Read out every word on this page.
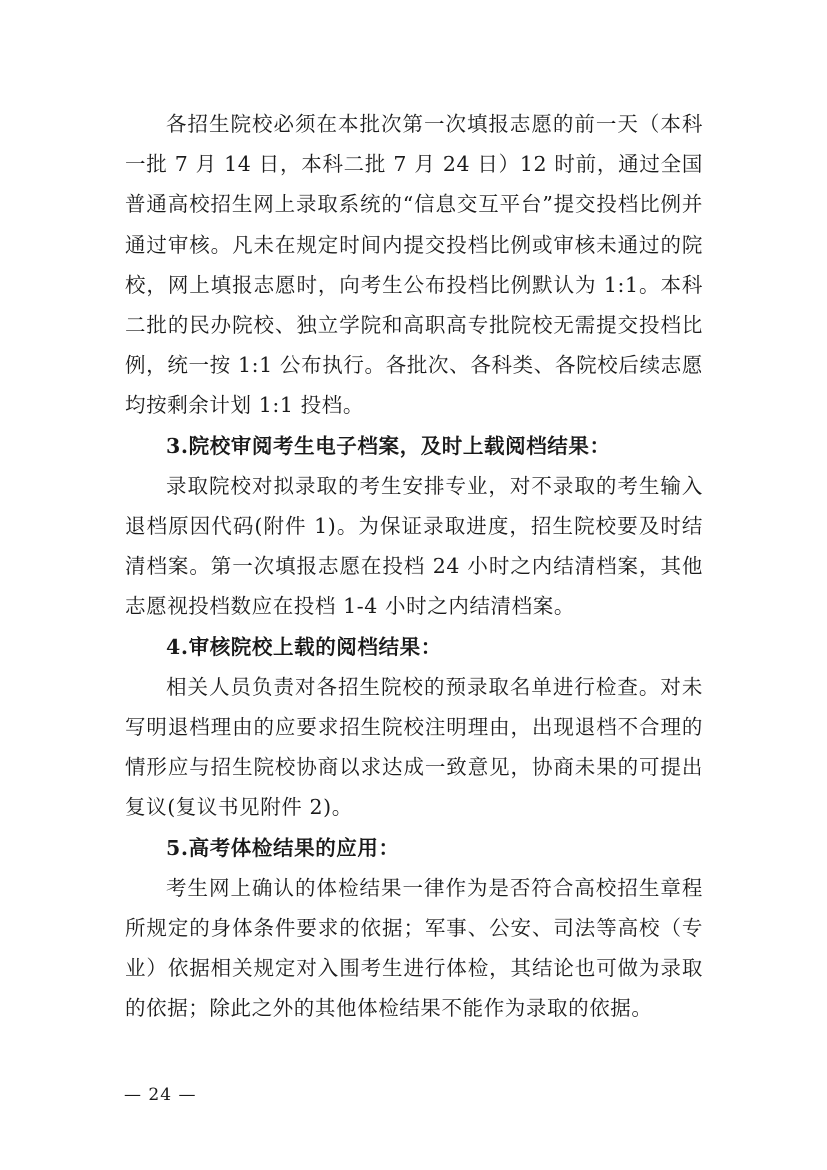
各招生院校必须在本批次第一次填报志愿的前一天（本科一批 7 月 14 日，本科二批 7 月 24 日）12 时前，通过全国普通高校招生网上录取系统的“信息交互平台”提交投档比例并通过审核。凡未在规定时间内提交投档比例或审核未通过的院校，网上填报志愿时，向考生公布投档比例默认为 1:1。本科二批的民办院校、独立学院和高职高专批院校无需提交投档比例，统一按 1:1 公布执行。各批次、各科类、各院校后续志愿均按剩余计划 1:1 投档。

3.院校审阅考生电子档案，及时上载阅档结果：

录取院校对拟录取的考生安排专业，对不录取的考生输入退档原因代码(附件 1)。为保证录取进度，招生院校要及时结清档案。第一次填报志愿在投档 24 小时之内结清档案，其他志愿视投档数应在投档 1-4 小时之内结清档案。

4.审核院校上载的阅档结果：

相关人员负责对各招生院校的预录取名单进行检查。对未写明退档理由的应要求招生院校注明理由，出现退档不合理的情形应与招生院校协商以求达成一致意见，协商未果的可提出复议(复议书见附件 2)。

5.高考体检结果的应用：

考生网上确认的体检结果一律作为是否符合高校招生章程所规定的身体条件要求的依据；军事、公安、司法等高校（专业）依据相关规定对入围考生进行体检，其结论也可做为录取的依据；除此之外的其他体检结果不能作为录取的依据。

— 24 —
